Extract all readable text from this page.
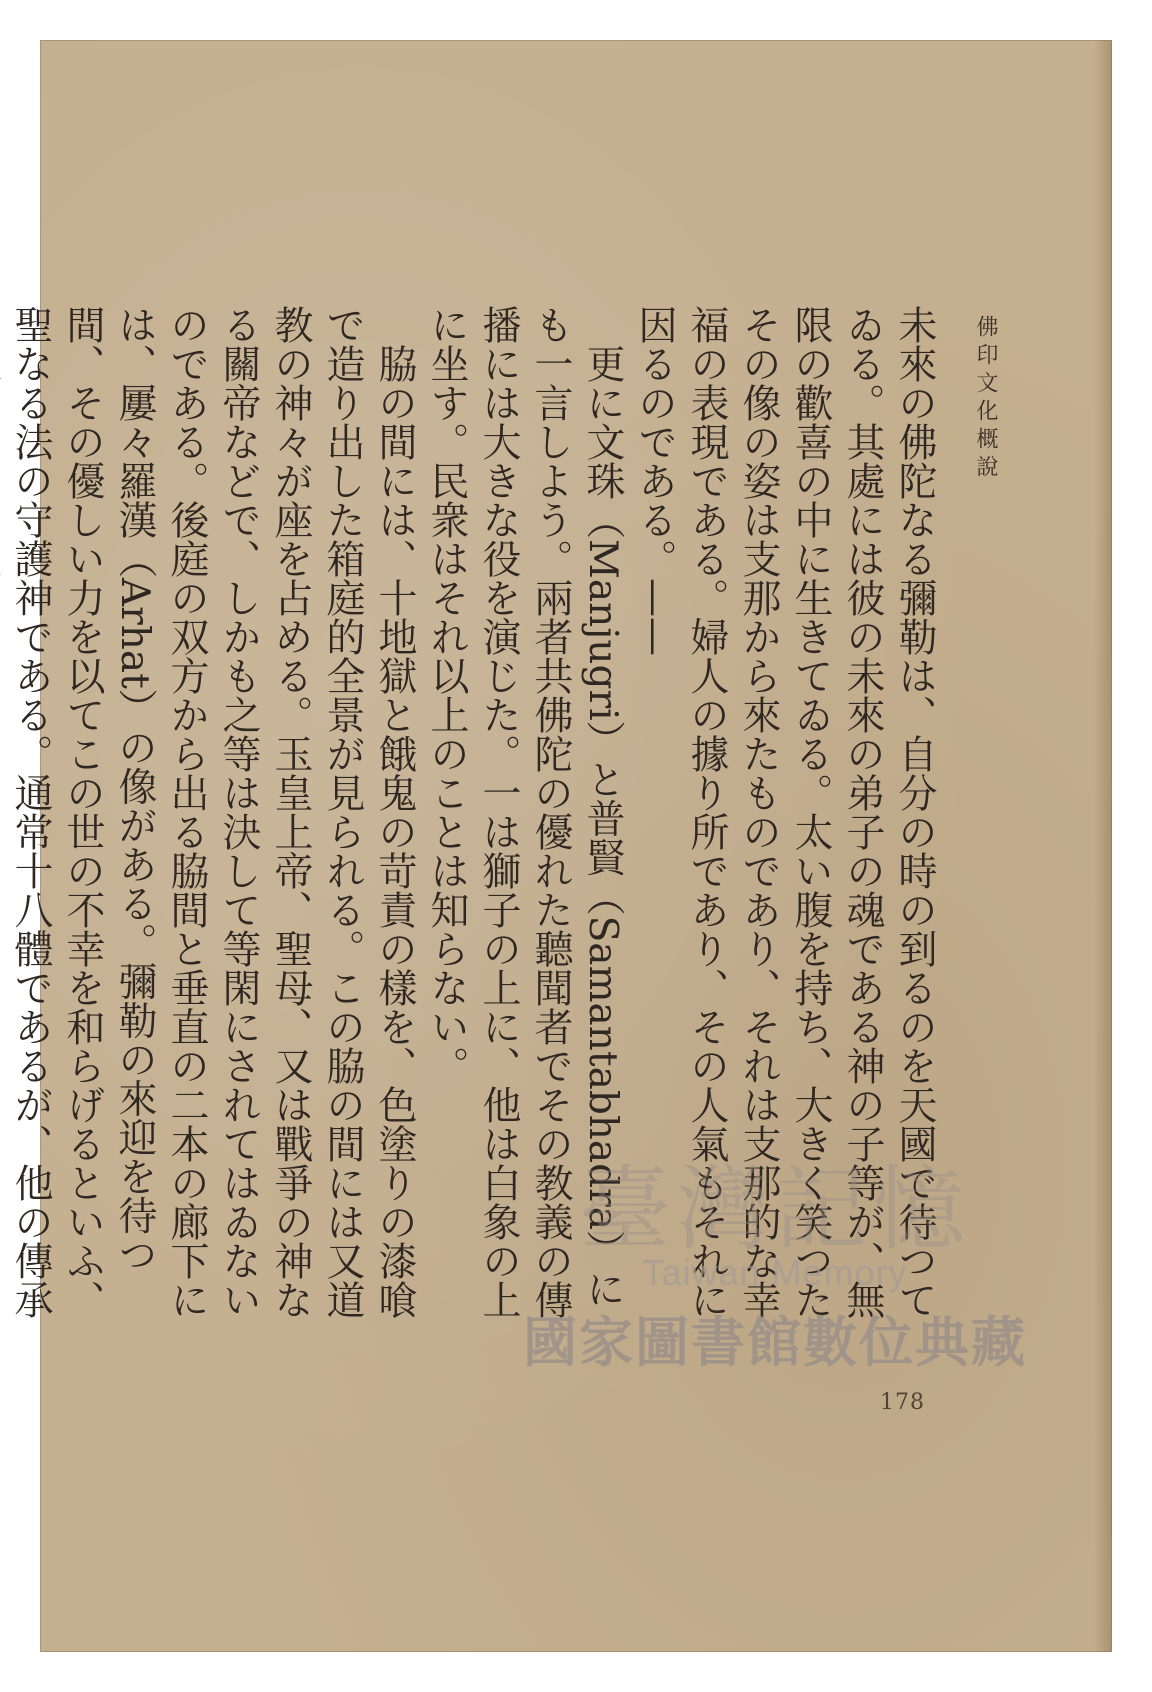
佛印文化概說

未來の佛陀なる彌勒は、自分の時の到るのを天國で待つてゐる。其處には彼の未來の弟子の魂である神の子等が、無限の歡喜の中に生きてゐる。太い腹を持ち、大きく笑つたその像の姿は支那から來たものであり、それは支那的な幸福の表現である。婦人の據り所であり、その人氣もそれに因るのである。——

更に文珠（Manjugri）と普賢（Samantabhadra）にも一言しよう。兩者共佛陀の優れた聽聞者でその教義の傳播には大きな役を演じた。一は獅子の上に、他は白象の上に坐す。民衆はそれ以上のことは知らない。

脇の間には、十地獄と餓鬼の苛責の樣を、色塗りの漆喰で造り出した箱庭的全景が見られる。この脇の間には又道教の神々が座を占める。玉皇上帝、聖母、又は戰爭の神なる關帝などで、しかも之等は決して等閑にされてはゐないのである。後庭の双方から出る脇間と垂直の二本の廊下には、屢々羅漢（Arhat）の像がある。彌勒の來迎を待つ間、その優しい力を以てこの世の不幸を和らげるといふ、聖なる法の守護神である。通常十八體であるが、他の傳承

178
臺灣記憶
Taiwan Memory
國家圖書館數位典藏
